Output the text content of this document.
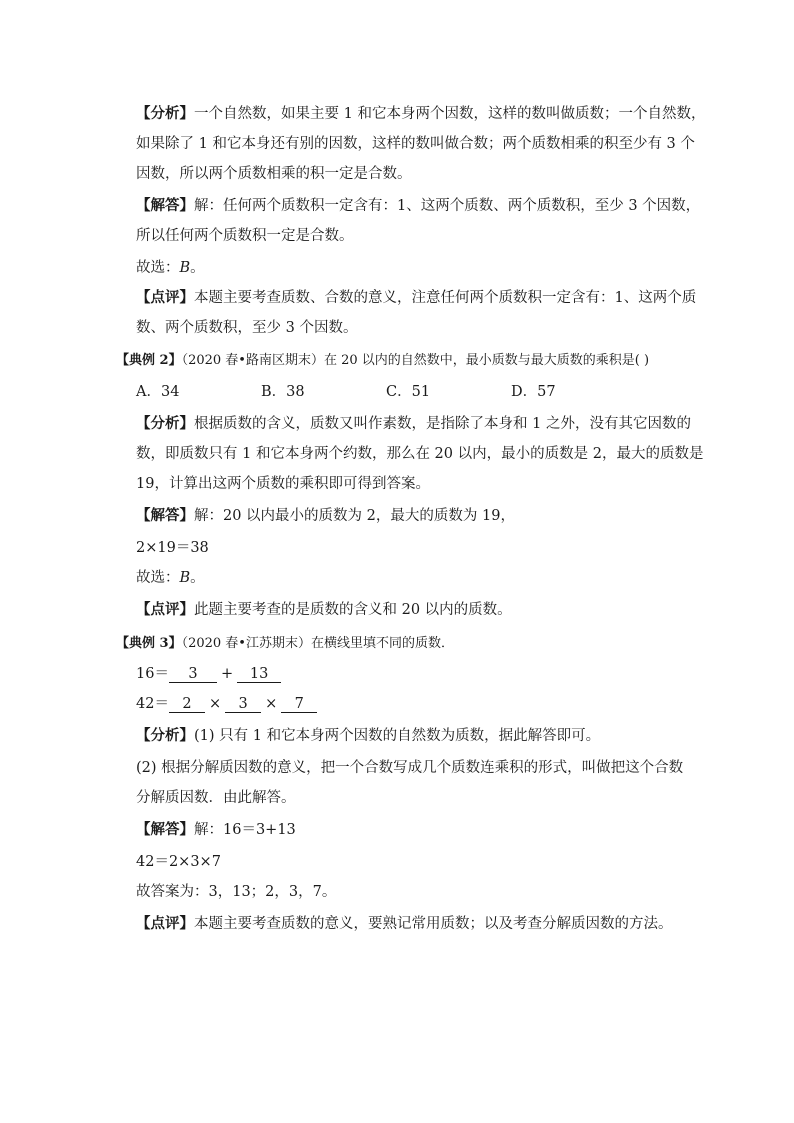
【分析】一个自然数，如果主要 1 和它本身两个因数，这样的数叫做质数；一个自然数，
如果除了 1 和它本身还有别的因数，这样的数叫做合数；两个质数相乘的积至少有 3 个
因数，所以两个质数相乘的积一定是合数。
【解答】解：任何两个质数积一定含有：1、这两个质数、两个质数积，至少 3 个因数，
所以任何两个质数积一定是合数。
故选：B。
【点评】本题主要考查质数、合数的意义，注意任何两个质数积一定含有：1、这两个质
数、两个质数积，至少 3 个因数。
【典例 2】（2020 春•路南区期末）在 20 以内的自然数中，最小质数与最大质数的乘积是( )
A．34	B．38	C．51	D．57
【分析】根据质数的含义，质数又叫作素数，是指除了本身和 1 之外，没有其它因数的
数，即质数只有 1 和它本身两个约数，那么在 20 以内，最小的质数是 2，最大的质数是
19，计算出这两个质数的乘积即可得到答案。
【解答】解：20 以内最小的质数为 2，最大的质数为 19，
2×19＝38
故选：B。
【点评】此题主要考查的是质数的含义和 20 以内的质数。
【典例 3】（2020 春•江苏期末）在横线里填不同的质数．
16＝ 3 + 13
42＝ 2 × 3 × 7
【分析】(1) 只有 1 和它本身两个因数的自然数为质数，据此解答即可。
(2) 根据分解质因数的意义，把一个合数写成几个质数连乘积的形式，叫做把这个合数
分解质因数．由此解答。
【解答】解：16＝3+13
42＝2×3×7
故答案为：3，13；2，3，7。
【点评】本题主要考查质数的意义，要熟记常用质数；以及考查分解质因数的方法。
